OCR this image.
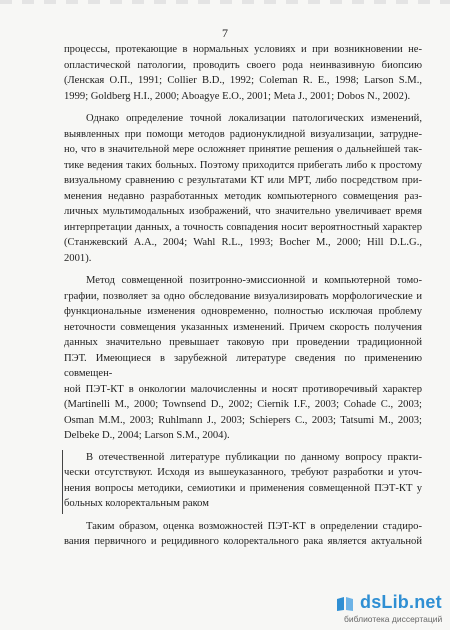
7
процессы, протекающие в нормальных условиях и при возникновении не-
опластической патологии, проводить своего рода неинвазивную биопсию
(Ленская О.П., 1991; Collier B.D., 1992; Coleman R. E., 1998; Larson S.M.,
1999; Goldberg H.I., 2000; Aboagye E.O., 2001; Meta J., 2001; Dobos N., 2002).
Однако определение точной локализации патологических изменений,
выявленных при помощи методов радионуклидной визуализации, затрудне-
но, что в значительной мере осложняет принятие решения о дальнейшей так-
тике ведения таких больных. Поэтому приходится прибегать либо к простому
визуальному сравнению с результатами КТ или МРТ, либо посредством при-
менения недавно разработанных методик компьютерного совмещения раз-
личных мультимодальных изображений, что значительно увеличивает время
интерпретации данных, а точность совпадения носит вероятностный характер
(Станжевский А.А., 2004; Wahl R.L., 1993; Bocher M., 2000; Hill D.L.G.,
2001).
Метод совмещенной позитронно-эмиссионной и компьютерной томо-
графии, позволяет за одно обследование визуализировать морфологические и
функциональные изменения одновременно, полностью исключая проблему
неточности совмещения указанных изменений. Причем скорость получения
данных значительно превышает таковую при проведении традиционной
ПЭТ. Имеющиеся в зарубежной литературе сведения по применению совмещен-
ной ПЭТ-КТ в онкологии малочисленны и носят противоречивый характер
(Martinelli M., 2000; Townsend D., 2002; Ciernik I.F., 2003; Cohade C., 2003;
Osman M.M., 2003; Ruhlmann J., 2003; Schiepers C., 2003; Tatsumi M., 2003;
Delbeke D., 2004; Larson S.M., 2004).
В отечественной литературе публикации по данному вопросу практи-
чески отсутствуют. Исходя из вышеуказанного, требуют разработки и уточ-
нения вопросы методики, семиотики и применения совмещенной ПЭТ-КТ у
больных колоректальным раком
Таким образом, оценка возможностей ПЭТ-КТ в определении стадиро-
вания первичного и рецидивного колоректального рака является актуальной
dsLib.net
библиотека диссертаций
